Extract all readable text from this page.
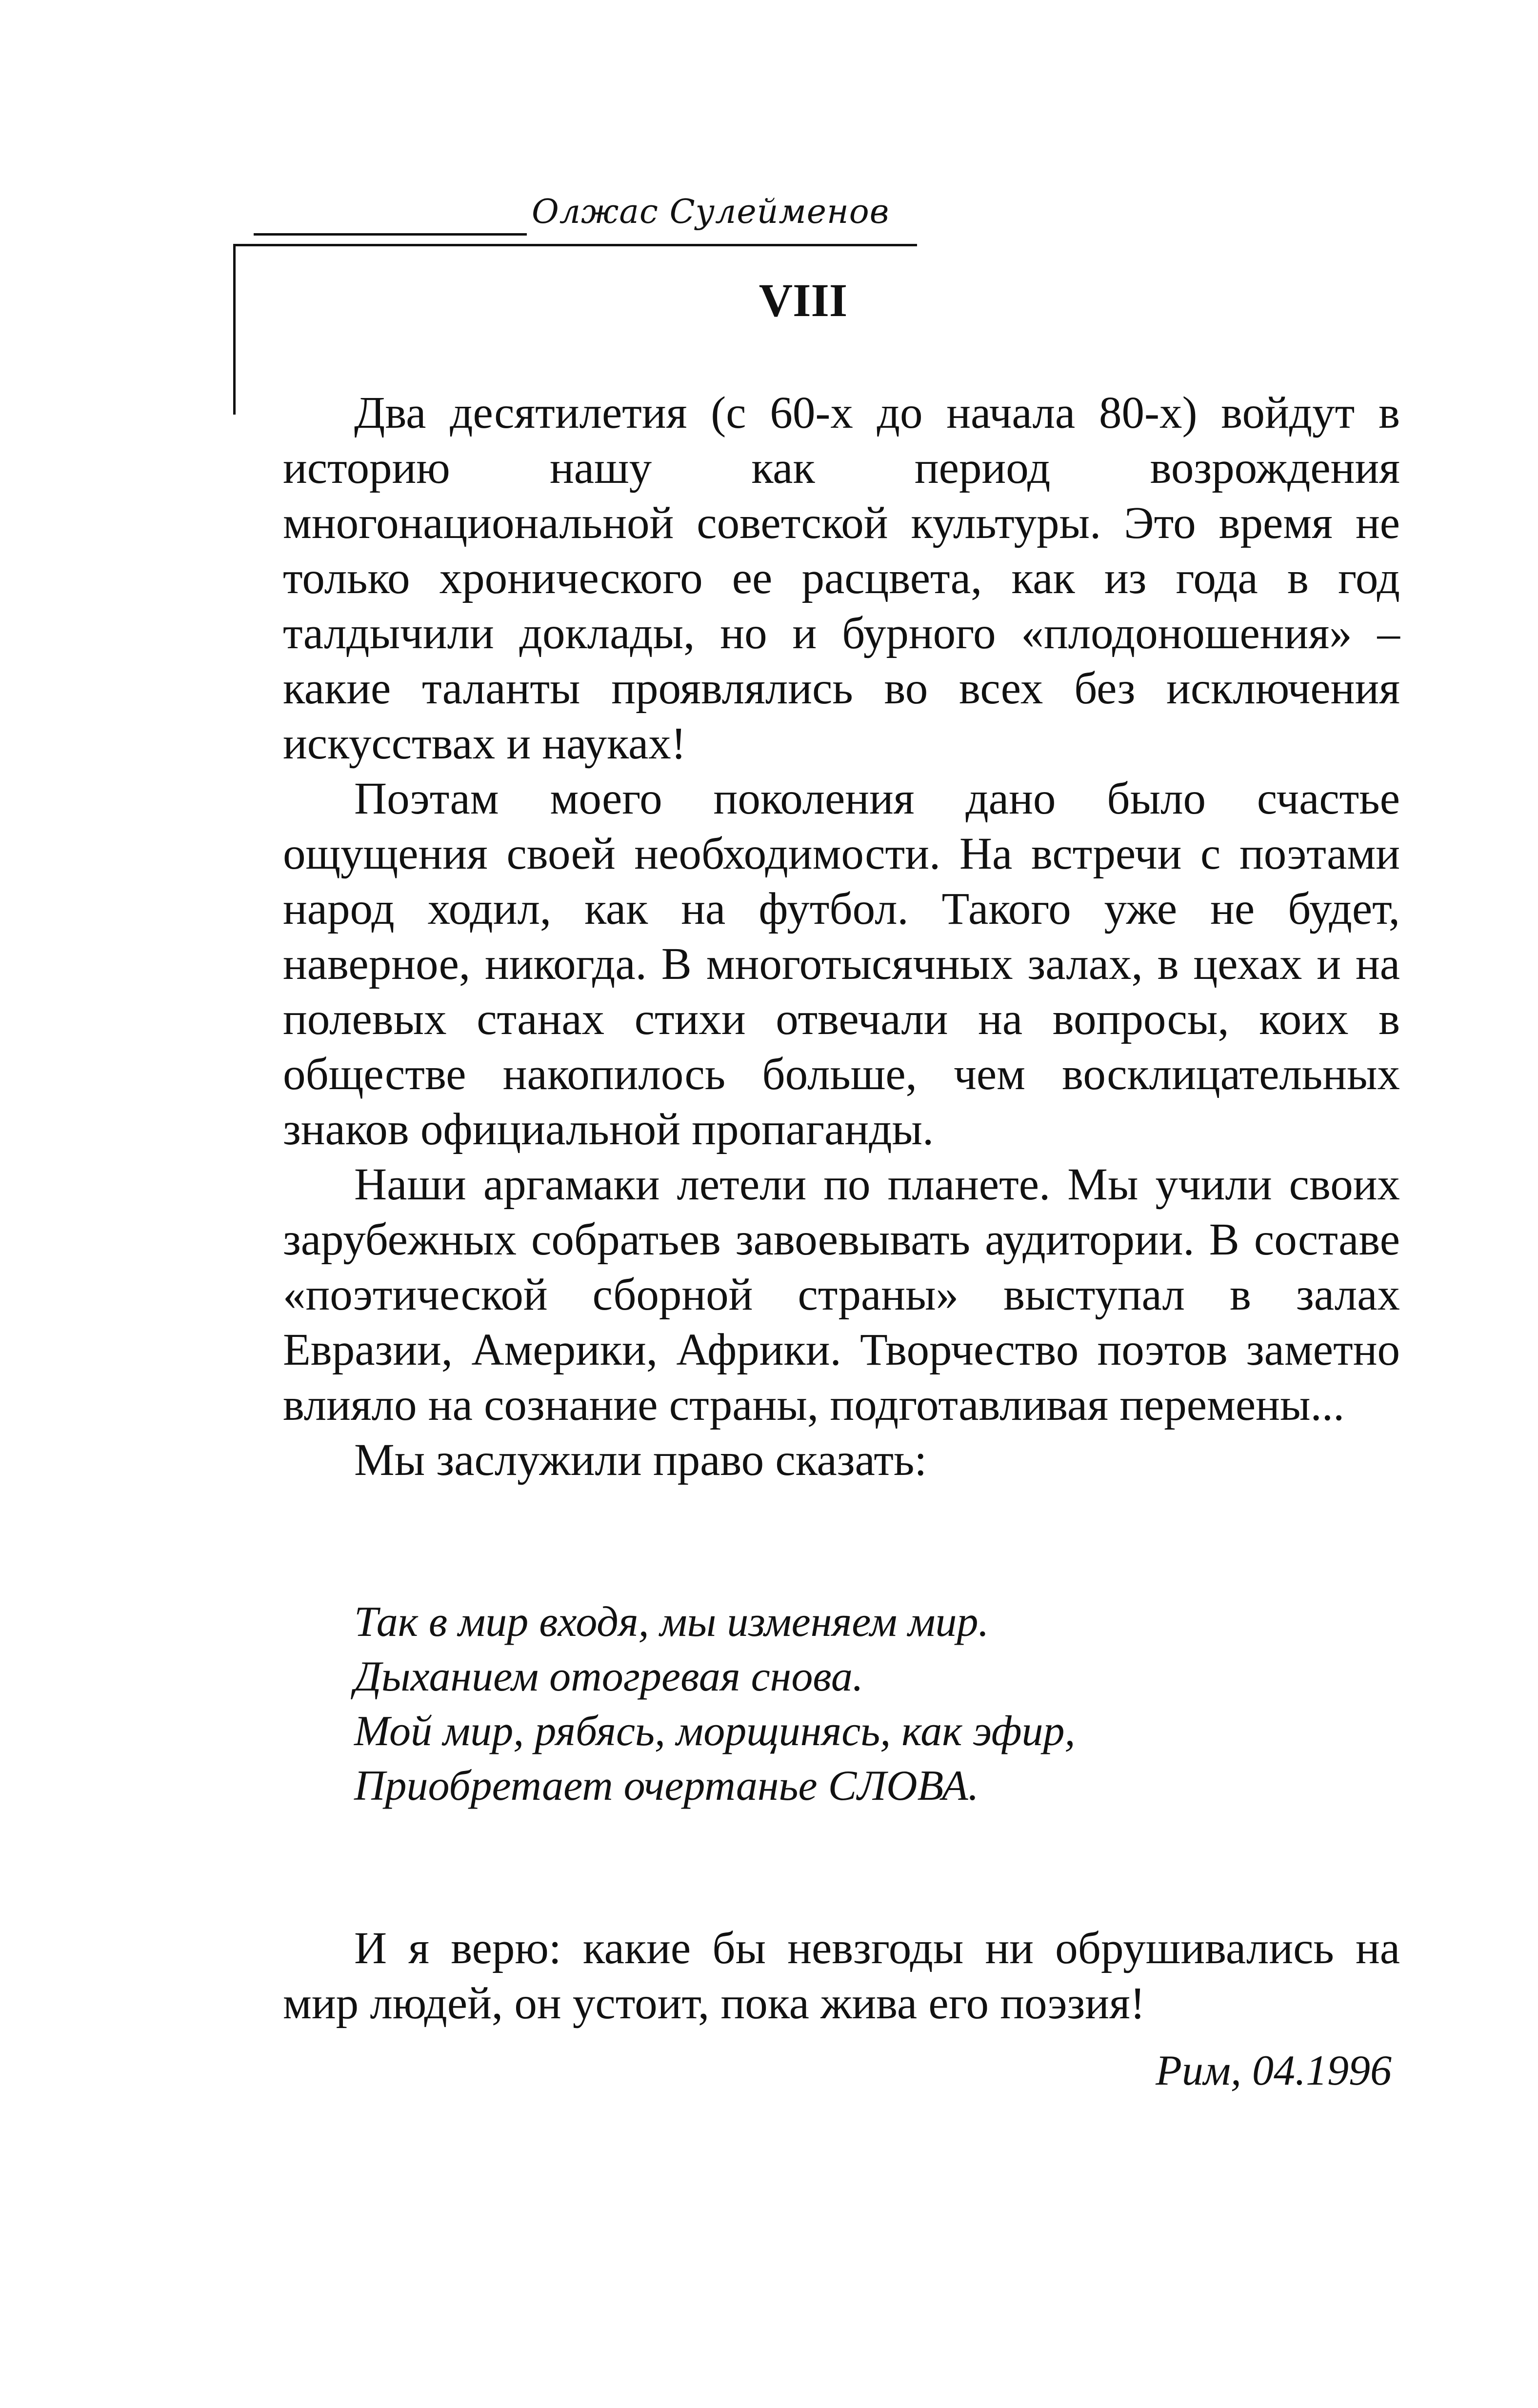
Олжас Сулейменов
VIII

Два десятилетия (с 60-х до начала 80-х) войдут в историю нашу как период возрождения многонациональной советской культуры. Это время не только хронического ее расцвета, как из года в год талдычили доклады, но и бурного «плодоношения» – какие таланты проявлялись во всех без исключения искусствах и науках!

Поэтам моего поколения дано было счастье ощущения своей необходимости. На встречи с поэтами народ ходил, как на футбол. Такого уже не будет, наверное, никогда. В многотысячных залах, в цехах и на полевых станах стихи отвечали на вопросы, коих в обществе накопилось больше, чем восклицательных знаков официальной пропаганды.

Наши аргамаки летели по планете. Мы учили своих зарубежных собратьев завоевывать аудитории. В составе «поэтической сборной страны» выступал в залах Евразии, Америки, Африки. Творчество поэтов заметно влияло на сознание страны, подготавливая перемены...

Мы заслужили право сказать:

Так в мир входя, мы изменяем мир.
Дыханием отогревая снова.
Мой мир, рябясь, морщинясь, как эфир,
Приобретает очертанье СЛОВА.

И я верю: какие бы невзгоды ни обрушивались на мир людей, он устоит, пока жива его поэзия!

Рим, 04.1996
